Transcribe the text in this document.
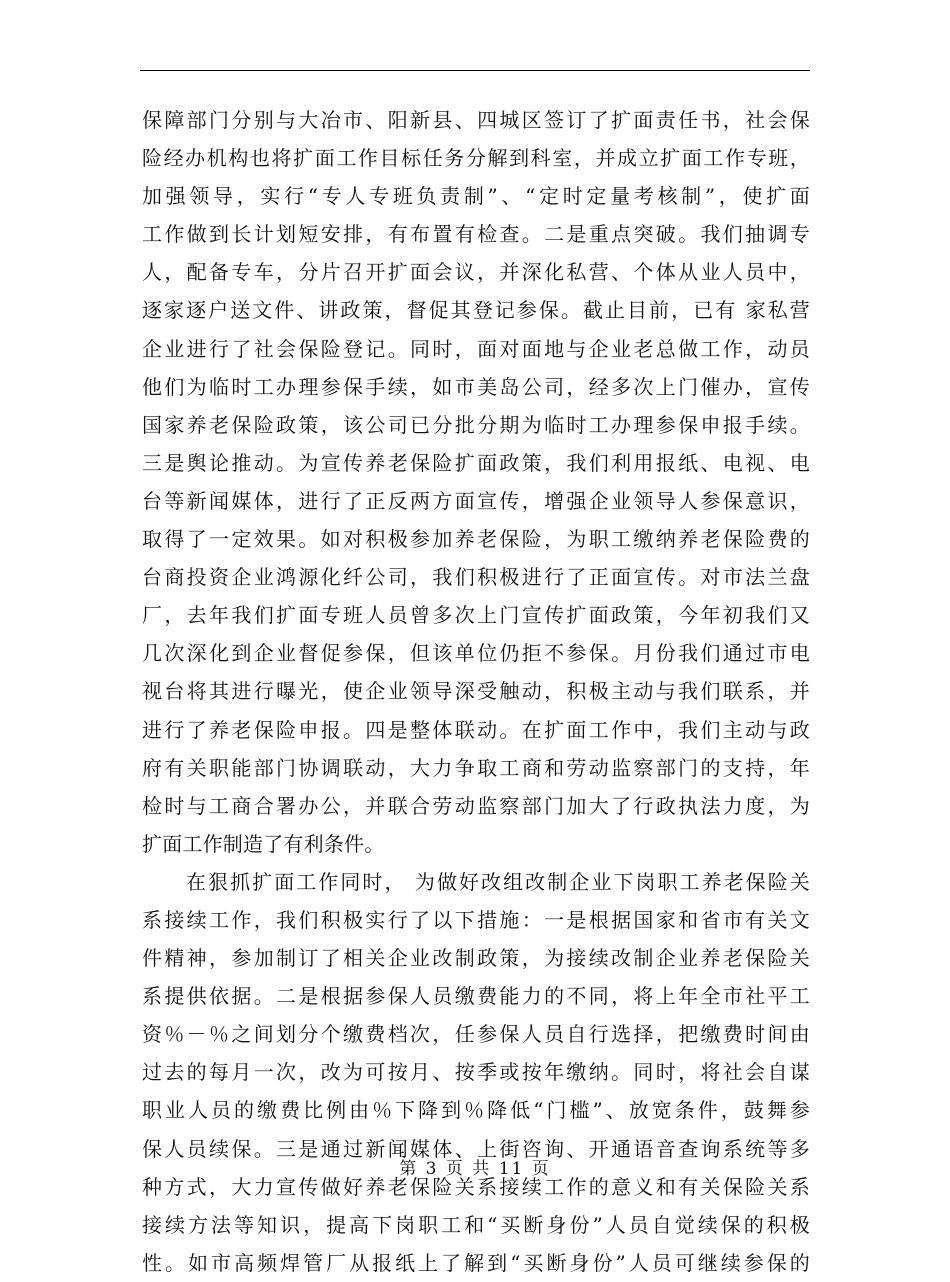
保障部门分别与大冶市、阳新县、四城区签订了扩面责任书，社会保
险经办机构也将扩面工作目标任务分解到科室，并成立扩面工作专班，
加强领导，实行“专人专班负责制”、“定时定量考核制”，使扩面
工作做到长计划短安排，有布置有检查。二是重点突破。我们抽调专
人，配备专车，分片召开扩面会议，并深化私营、个体从业人员中，
逐家逐户送文件、讲政策，督促其登记参保。截止目前，已有 家私营
企业进行了社会保险登记。同时，面对面地与企业老总做工作，动员
他们为临时工办理参保手续，如市美岛公司，经多次上门催办，宣传
国家养老保险政策，该公司已分批分期为临时工办理参保申报手续。
三是舆论推动。为宣传养老保险扩面政策，我们利用报纸、电视、电
台等新闻媒体，进行了正反两方面宣传，增强企业领导人参保意识，
取得了一定效果。如对积极参加养老保险，为职工缴纳养老保险费的
台商投资企业鸿源化纤公司，我们积极进行了正面宣传。对市法兰盘
厂，去年我们扩面专班人员曾多次上门宣传扩面政策，今年初我们又
几次深化到企业督促参保，但该单位仍拒不参保。月份我们通过市电
视台将其进行曝光，使企业领导深受触动，积极主动与我们联系，并
进行了养老保险申报。四是整体联动。在扩面工作中，我们主动与政
府有关职能部门协调联动，大力争取工商和劳动监察部门的支持，年
检时与工商合署办公，并联合劳动监察部门加大了行政执法力度，为
扩面工作制造了有利条件。
在狠抓扩面工作同时， 为做好改组改制企业下岗职工养老保险关
系接续工作，我们积极实行了以下措施：一是根据国家和省市有关文
件精神，参加制订了相关企业改制政策，为接续改制企业养老保险关
系提供依据。二是根据参保人员缴费能力的不同，将上年全市社平工
资％－％之间划分个缴费档次，任参保人员自行选择，把缴费时间由
过去的每月一次，改为可按月、按季或按年缴纳。同时，将社会自谋
职业人员的缴费比例由％下降到％降低“门槛”、放宽条件，鼓舞参
保人员续保。三是通过新闻媒体、上街咨询、开通语音查询系统等多
种方式，大力宣传做好养老保险关系接续工作的意义和有关保险关系
接续方法等知识，提高下岗职工和“买断身份”人员自觉续保的积极
性。如市高频焊管厂从报纸上了解到“买断身份”人员可继续参保的
第 3 页 共 11 页
